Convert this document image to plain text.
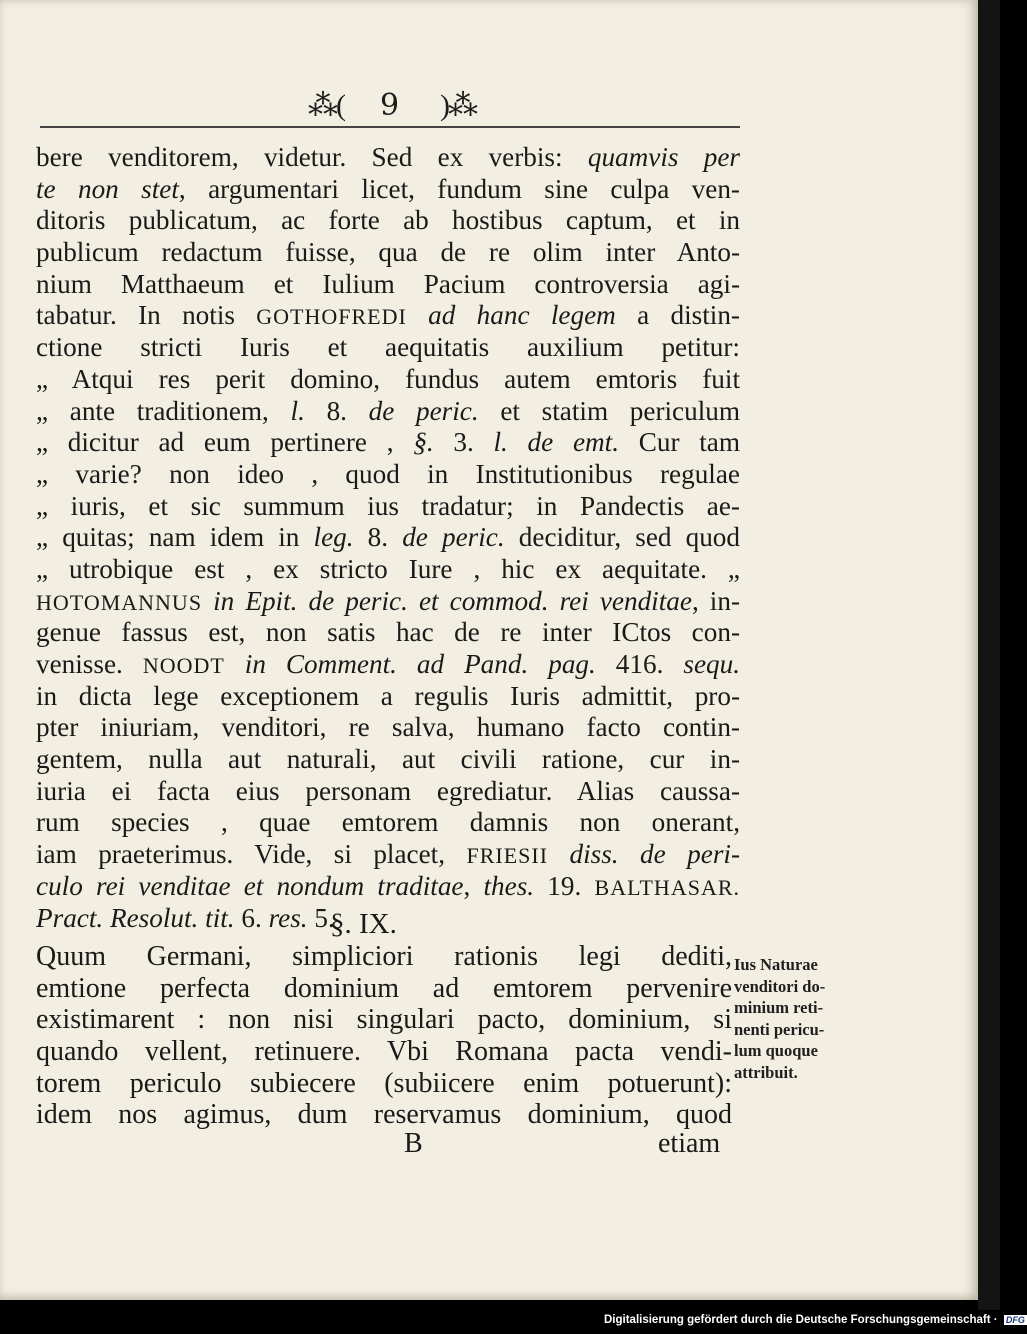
⁂( 9 )⁂
bere venditorem, videtur. Sed ex verbis: quamvis per
te non stet, argumentari licet, fundum sine culpa ven-
ditoris publicatum, ac forte ab hostibus captum, et in
publicum redactum fuisse, qua de re olim inter Anto-
nium Matthaeum et Iulium Pacium controversia agi-
tabatur. In notis GOTHOFREDI ad hanc legem a distin-
ctione stricti Iuris et aequitatis auxilium petitur:
„ Atqui res perit domino, fundus autem emtoris fuit
„ ante traditionem, l. 8. de peric. et statim periculum
„ dicitur ad eum pertinere , §. 3. l. de emt. Cur tam
„ varie? non ideo , quod in Institutionibus regulae
„ iuris, et sic summum ius tradatur; in Pandectis ae-
„ quitas; nam idem in leg. 8. de peric. deciditur, sed quod
„ utrobique est , ex stricto Iure , hic ex aequitate. „
HOTOMANNUS in Epit. de peric. et commod. rei venditae, in-
genue fassus est, non satis hac de re inter ICtos con-
venisse. NOODT in Comment. ad Pand. pag. 416. sequ.
in dicta lege exceptionem a regulis Iuris admittit, pro-
pter iniuriam, venditori, re salva, humano facto contin-
gentem, nulla aut naturali, aut civili ratione, cur in-
iuria ei facta eius personam egrediatur. Alias caussa-
rum species , quae emtorem damnis non onerant,
iam praeterimus. Vide, si placet, FRIESII diss. de peri-
culo rei venditae et nondum traditae, thes. 19. BALTHASAR.
Pract. Resolut. tit. 6. res. 5.
§. IX.
Quum Germani, simpliciori rationis legi dediti,
emtione perfecta dominium ad emtorem pervenire
existimarent : non nisi singulari pacto, dominium, si
quando vellent, retinuere. Vbi Romana pacta vendi-
torem periculo subiecere (subiicere enim potuerunt):
idem nos agimus, dum reservamus dominium, quod
Ius Naturae
venditori do-
minium reti-
nenti pericu-
lum quoque
attribuit.
B	etiam
Digitalisierung gefördert durch die Deutsche Forschungsgemeinschaft · DFG
